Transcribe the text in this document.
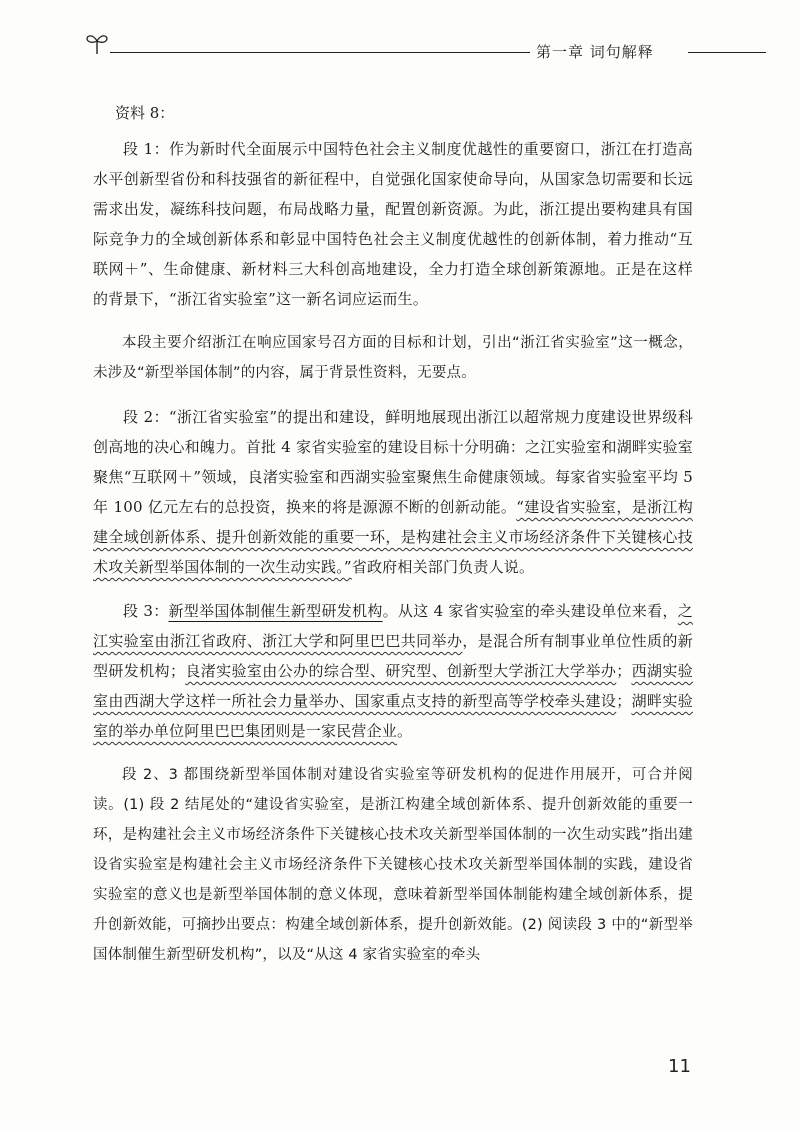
第一章 词句解释
资料 8：

段 1：作为新时代全面展示中国特色社会主义制度优越性的重要窗口，浙江在打造高水平创新型省份和科技强省的新征程中，自觉强化国家使命导向，从国家急切需要和长远需求出发，凝练科技问题，布局战略力量，配置创新资源。为此，浙江提出要构建具有国际竞争力的全域创新体系和彰显中国特色社会主义制度优越性的创新体制，着力推动“互联网＋”、生命健康、新材料三大科创高地建设，全力打造全球创新策源地。正是在这样的背景下，“浙江省实验室”这一新名词应运而生。

本段主要介绍浙江在响应国家号召方面的目标和计划，引出“浙江省实验室”这一概念，未涉及“新型举国体制”的内容，属于背景性资料，无要点。

段 2：“浙江省实验室”的提出和建设，鲜明地展现出浙江以超常规力度建设世界级科创高地的决心和魄力。首批 4 家省实验室的建设目标十分明确：之江实验室和湖畔实验室聚焦“互联网＋”领域，良渚实验室和西湖实验室聚焦生命健康领域。每家省实验室平均 5 年 100 亿元左右的总投资，换来的将是源源不断的创新动能。“建设省实验室，是浙江构建全域创新体系、提升创新效能的重要一环，是构建社会主义市场经济条件下关键核心技术攻关新型举国体制的一次生动实践。”省政府相关部门负责人说。

段 3：新型举国体制催生新型研发机构。从这 4 家省实验室的牵头建设单位来看，之江实验室由浙江省政府、浙江大学和阿里巴巴共同举办，是混合所有制事业单位性质的新型研发机构；良渚实验室由公办的综合型、研究型、创新型大学浙江大学举办；西湖实验室由西湖大学这样一所社会力量举办、国家重点支持的新型高等学校牵头建设；湖畔实验室的举办单位阿里巴巴集团则是一家民营企业。

段 2、3 都围绕新型举国体制对建设省实验室等研发机构的促进作用展开，可合并阅读。(1) 段 2 结尾处的“建设省实验室，是浙江构建全域创新体系、提升创新效能的重要一环，是构建社会主义市场经济条件下关键核心技术攻关新型举国体制的一次生动实践”指出建设省实验室是构建社会主义市场经济条件下关键核心技术攻关新型举国体制的实践，建设省实验室的意义也是新型举国体制的意义体现，意味着新型举国体制能构建全域创新体系，提升创新效能，可摘抄出要点：构建全域创新体系，提升创新效能。(2) 阅读段 3 中的“新型举国体制催生新型研发机构”，以及“从这 4 家省实验室的牵头

11
